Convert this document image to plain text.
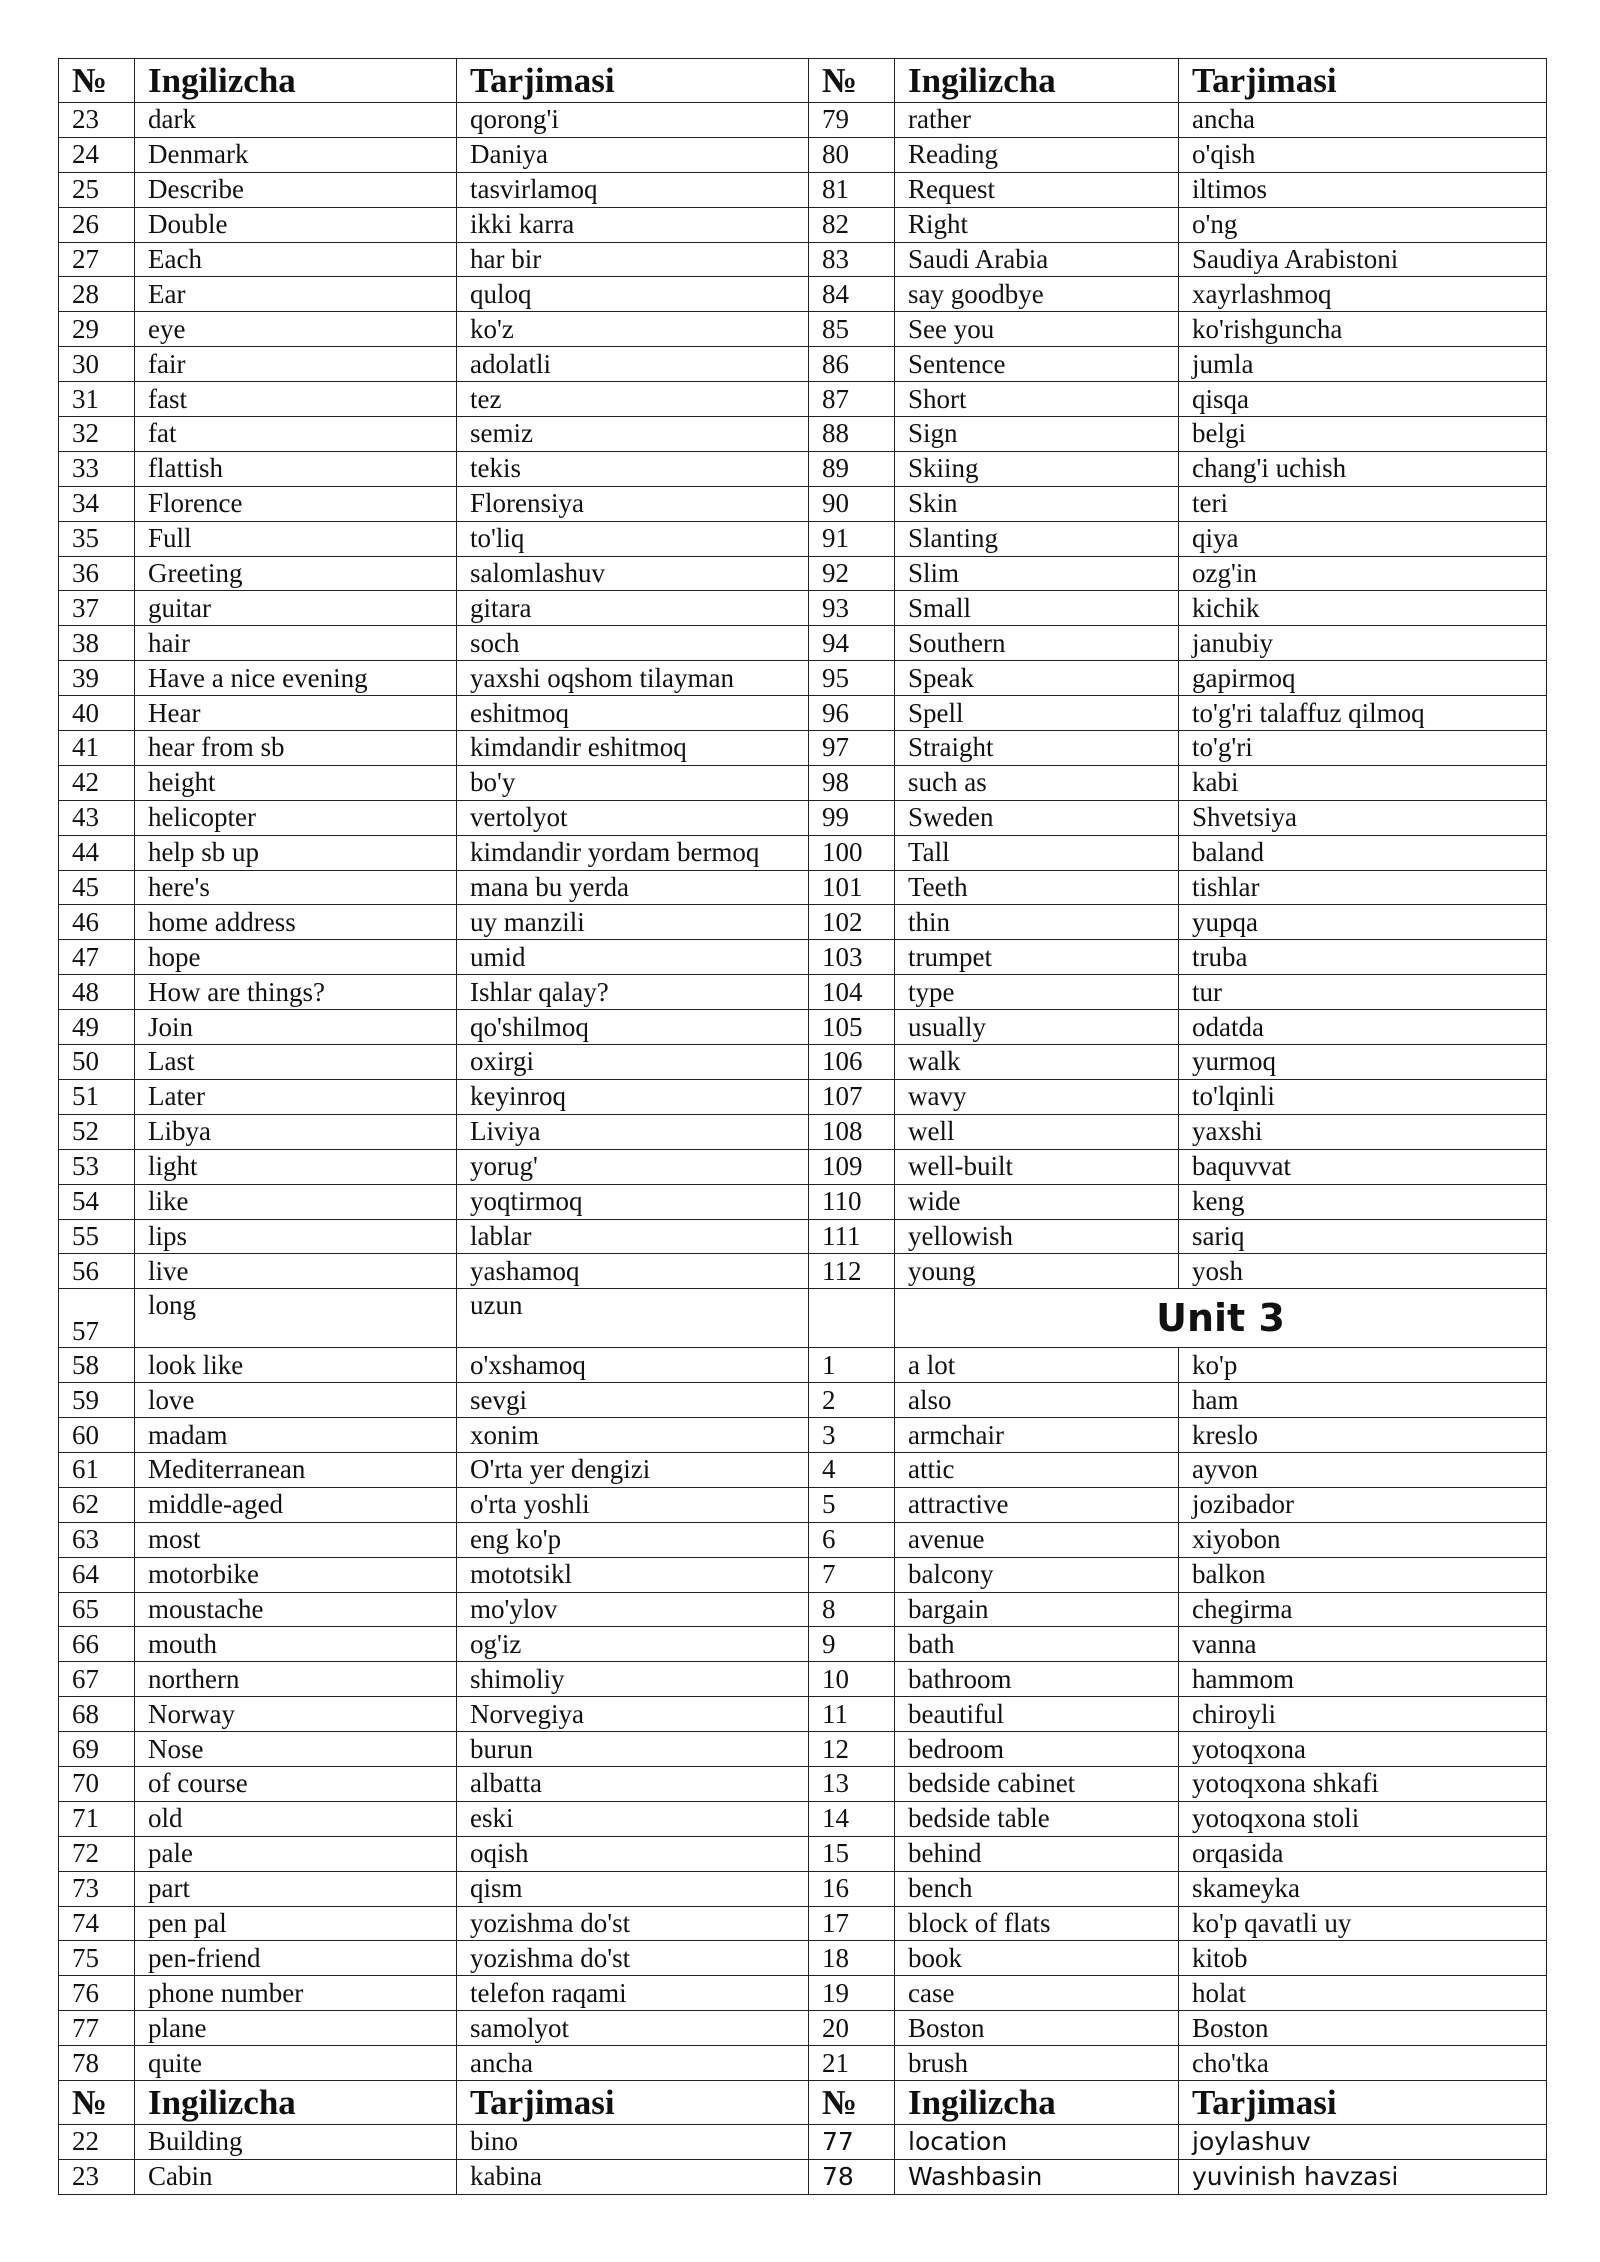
№	Ingilizcha	Tarjimasi	№	Ingilizcha	Tarjimasi
23	dark	qorong'i	79	rather	ancha
24	Denmark	Daniya	80	Reading	o'qish
25	Describe	tasvirlamoq	81	Request	iltimos
26	Double	ikki karra	82	Right	o'ng
27	Each	har bir	83	Saudi Arabia	Saudiya Arabistoni
28	Ear	quloq	84	say goodbye	xayrlashmoq
29	eye	ko'z	85	See you	ko'rishguncha
30	fair	adolatli	86	Sentence	jumla
31	fast	tez	87	Short	qisqa
32	fat	semiz	88	Sign	belgi
33	flattish	tekis	89	Skiing	chang'i uchish
34	Florence	Florensiya	90	Skin	teri
35	Full	to'liq	91	Slanting	qiya
36	Greeting	salomlashuv	92	Slim	ozg'in
37	guitar	gitara	93	Small	kichik
38	hair	soch	94	Southern	janubiy
39	Have a nice evening	yaxshi oqshom tilayman	95	Speak	gapirmoq
40	Hear	eshitmoq	96	Spell	to'g'ri talaffuz qilmoq
41	hear from sb	kimdandir eshitmoq	97	Straight	to'g'ri
42	height	bo'y	98	such as	kabi
43	helicopter	vertolyot	99	Sweden	Shvetsiya
44	help sb up	kimdandir yordam bermoq	100	Tall	baland
45	here's	mana bu yerda	101	Teeth	tishlar
46	home address	uy manzili	102	thin	yupqa
47	hope	umid	103	trumpet	truba
48	How are things?	Ishlar qalay?	104	type	tur
49	Join	qo'shilmoq	105	usually	odatda
50	Last	oxirgi	106	walk	yurmoq
51	Later	keyinroq	107	wavy	to'lqinli
52	Libya	Liviya	108	well	yaxshi
53	light	yorug'	109	well-built	baquvvat
54	like	yoqtirmoq	110	wide	keng
55	lips	lablar	111	yellowish	sariq
56	live	yashamoq	112	young	yosh
57	long	uzun		Unit 3	
58	look like	o'xshamoq	1	a lot	ko'p
59	love	sevgi	2	also	ham
60	madam	xonim	3	armchair	kreslo
61	Mediterranean	O'rta yer dengizi	4	attic	ayvon
62	middle-aged	o'rta yoshli	5	attractive	jozibador
63	most	eng ko'p	6	avenue	xiyobon
64	motorbike	mototsikl	7	balcony	balkon
65	moustache	mo'ylov	8	bargain	chegirma
66	mouth	og'iz	9	bath	vanna
67	northern	shimoliy	10	bathroom	hammom
68	Norway	Norvegiya	11	beautiful	chiroyli
69	Nose	burun	12	bedroom	yotoqxona
70	of course	albatta	13	bedside cabinet	yotoqxona shkafi
71	old	eski	14	bedside table	yotoqxona stoli
72	pale	oqish	15	behind	orqasida
73	part	qism	16	bench	skameyka
74	pen pal	yozishma do'st	17	block of flats	ko'p qavatli uy
75	pen-friend	yozishma do'st	18	book	kitob
76	phone number	telefon raqami	19	case	holat
77	plane	samolyot	20	Boston	Boston
78	quite	ancha	21	brush	cho'tka
№	Ingilizcha	Tarjimasi	№	Ingilizcha	Tarjimasi
22	Building	bino	77	location	joylashuv
23	Cabin	kabina	78	Washbasin	yuvinish havzasi
